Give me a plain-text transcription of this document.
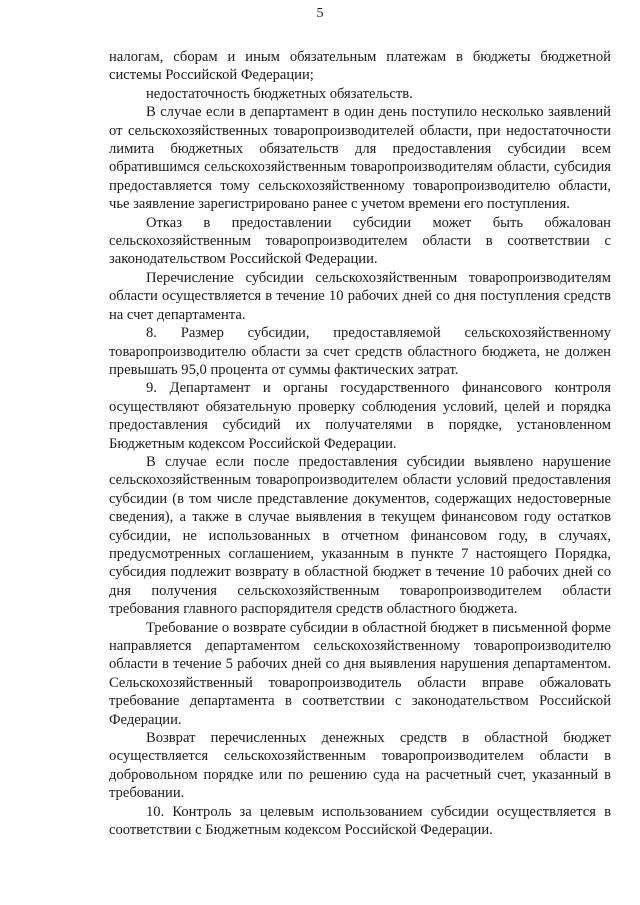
5

налогам, сборам и иным обязательным платежам в бюджеты бюджетной системы Российской Федерации;

недостаточность бюджетных обязательств.

В случае если в департамент в один день поступило несколько заявлений от сельскохозяйственных товаропроизводителей области, при недостаточности лимита бюджетных обязательств для предоставления субсидии всем обратившимся сельскохозяйственным товаропроизводителям области, субсидия предоставляется тому сельскохозяйственному товаропроизводителю области, чье заявление зарегистрировано ранее с учетом времени его поступления.

Отказ в предоставлении субсидии может быть обжалован сельскохозяйственным товаропроизводителем области в соответствии с законодательством Российской Федерации.

Перечисление субсидии сельскохозяйственным товаропроизводителям области осуществляется в течение 10 рабочих дней со дня поступления средств на счет департамента.

8. Размер субсидии, предоставляемой сельскохозяйственному товаропроизводителю области за счет средств областного бюджета, не должен превышать 95,0 процента от суммы фактических затрат.

9. Департамент и органы государственного финансового контроля осуществляют обязательную проверку соблюдения условий, целей и порядка предоставления субсидий их получателями в порядке, установленном Бюджетным кодексом Российской Федерации.

В случае если после предоставления субсидии выявлено нарушение сельскохозяйственным товаропроизводителем области условий предоставления субсидии (в том числе представление документов, содержащих недостоверные сведения), а также в случае выявления в текущем финансовом году остатков субсидии, не использованных в отчетном финансовом году, в случаях, предусмотренных соглашением, указанным в пункте 7 настоящего Порядка, субсидия подлежит возврату в областной бюджет в течение 10 рабочих дней со дня получения сельскохозяйственным товаропроизводителем области требования главного распорядителя средств областного бюджета.

Требование о возврате субсидии в областной бюджет в письменной форме направляется департаментом сельскохозяйственному товаропроизводителю области в течение 5 рабочих дней со дня выявления нарушения департаментом. Сельскохозяйственный товаропроизводитель области вправе обжаловать требование департамента в соответствии с законодательством Российской Федерации.

Возврат перечисленных денежных средств в областной бюджет осуществляется сельскохозяйственным товаропроизводителем области в добровольном порядке или по решению суда на расчетный счет, указанный в требовании.

10. Контроль за целевым использованием субсидии осуществляется в соответствии с Бюджетным кодексом Российской Федерации.
